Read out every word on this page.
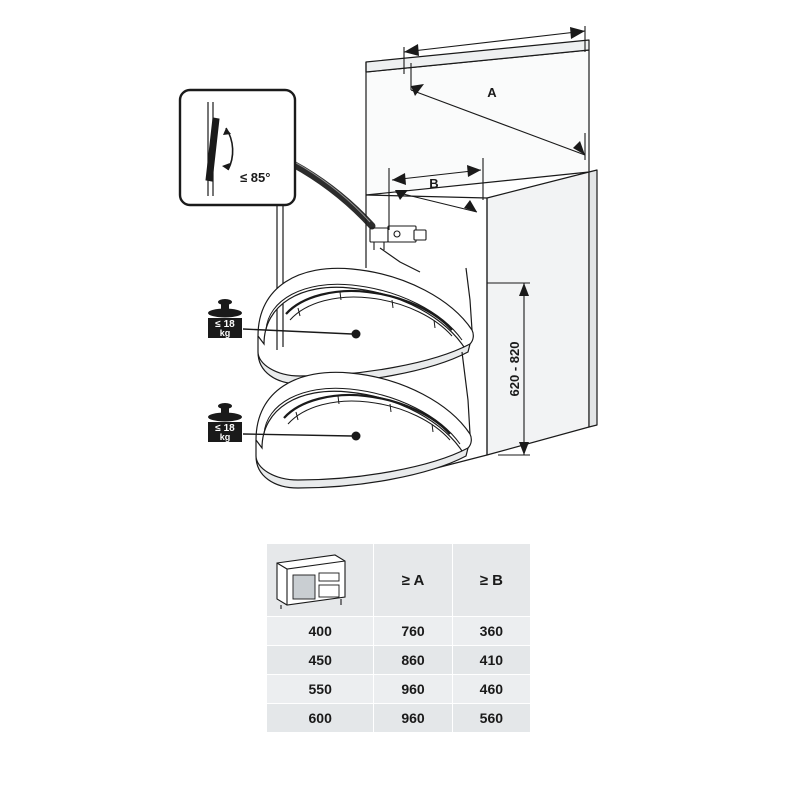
≤ 85°
A
B
620 - 820
≤ 18
kg
≤ 18
kg
	≥ A	≥ B
400	760	360
450	860	410
550	960	460
600	960	560
